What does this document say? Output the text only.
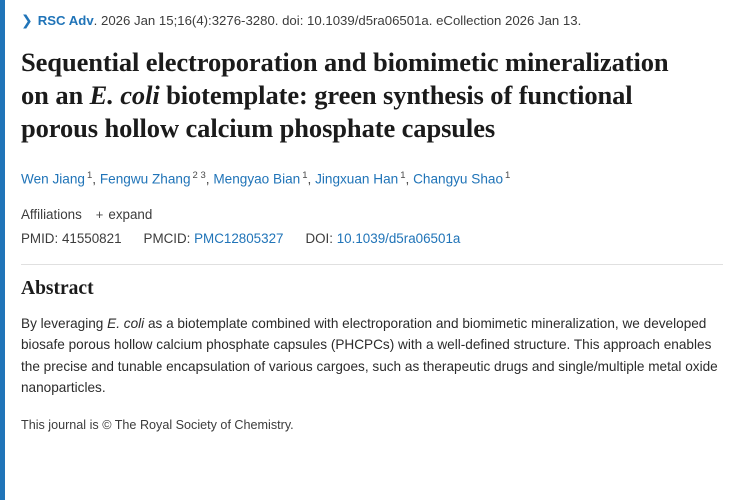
❯ RSC Adv . 2026 Jan 15;16(4):3276-3280. doi: 10.1039/d5ra06501a. eCollection 2026 Jan 13.
Sequential electroporation and biomimetic mineralization on an E. coli biotemplate: green synthesis of functional porous hollow calcium phosphate capsules
Wen Jiang $^1$, Fengwu Zhang $^{2 3}$, Mengyao Bian $^1$, Jingxuan Han $^1$, Changyu Shao $^1$
Affiliations + expand
PMID: 41550821 PMCID: PMC12805327 DOI: 10.1039/d5ra06501a
Abstract
By leveraging E. coli as a biotemplate combined with electroporation and biomimetic mineralization, we developed biosafe porous hollow calcium phosphate capsules (PHCPCs) with a well-defined structure. This approach enables the precise and tunable encapsulation of various cargoes, such as therapeutic drugs and single/multiple metal oxide nanoparticles.
This journal is © The Royal Society of Chemistry.
